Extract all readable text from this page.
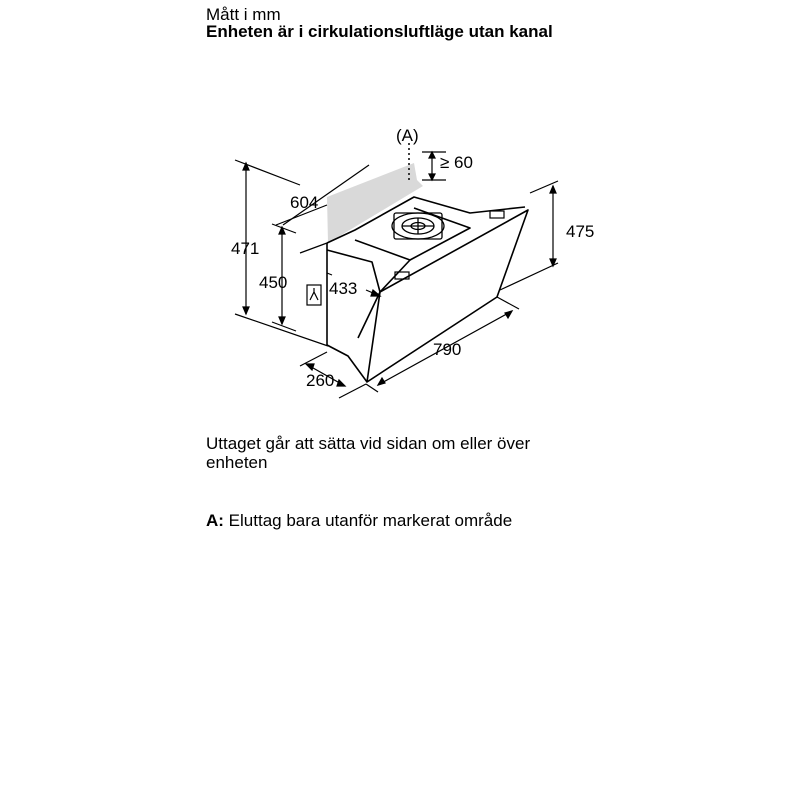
Mått i mm

Enheten är i cirkulationsluftläge utan kanal

(A)
≥ 60
604
471
450 433
260
790
475

Uttaget går att sätta vid sidan om eller över enheten

A: Eluttag bara utanför markerat område
